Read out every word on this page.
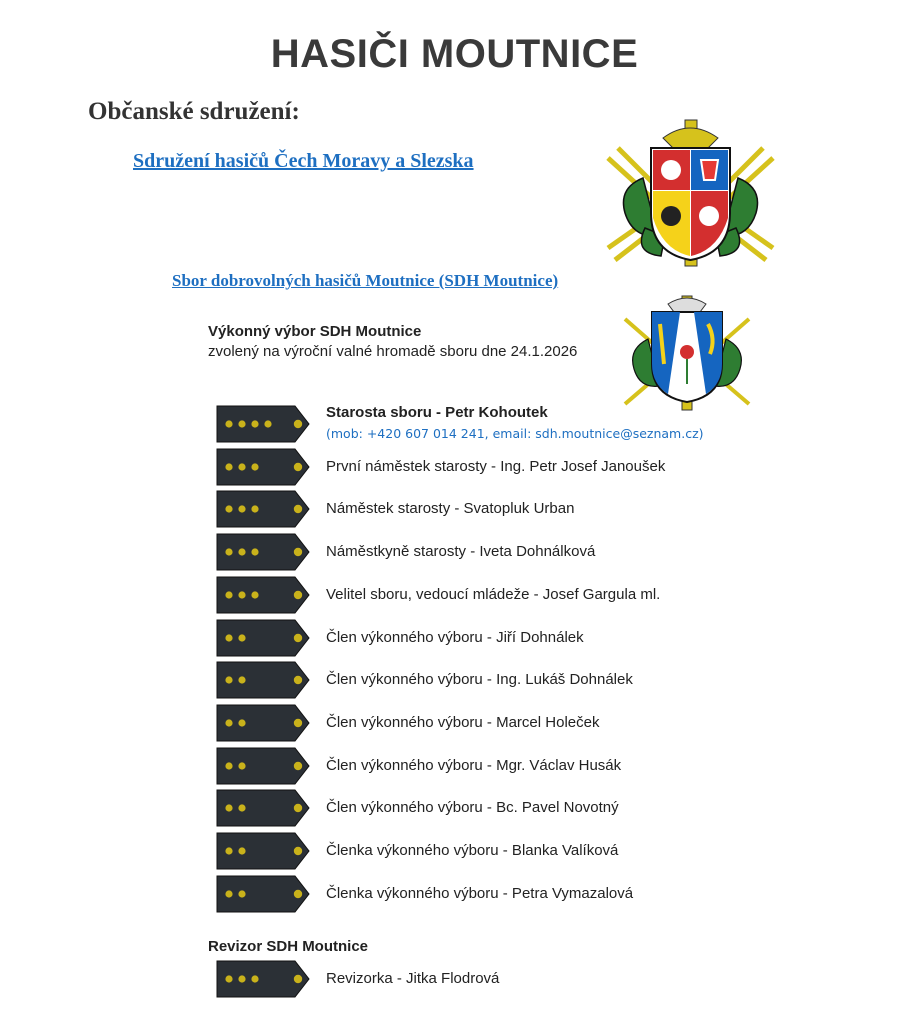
HASIČI MOUTNICE
Občanské sdružení:
Sdružení hasičů Čech Moravy a Slezska
Sbor dobrovolných hasičů Moutnice (SDH Moutnice)
Výkonný výbor SDH Moutnice
zvolený na výroční valné hromadě sboru dne 24.1.2026
Starosta sboru - Petr Kohoutek
(mob: +420 607 014 241, email: sdh.moutnice@seznam.cz)
První náměstek starosty - Ing. Petr Josef Janoušek
Náměstek starosty - Svatopluk Urban
Náměstkyně starosty - Iveta Dohnálková
Velitel sboru, vedoucí mládeže - Josef Gargula ml.
Člen výkonného výboru - Jiří Dohnálek
Člen výkonného výboru - Ing. Lukáš Dohnálek
Člen výkonného výboru - Marcel Holeček
Člen výkonného výboru - Mgr. Václav Husák
Člen výkonného výboru - Bc. Pavel Novotný
Členka výkonného výboru - Blanka Valíková
Členka výkonného výboru - Petra Vymazalová
Revizorka - Jitka Flodrová
Revizor SDH Moutnice
